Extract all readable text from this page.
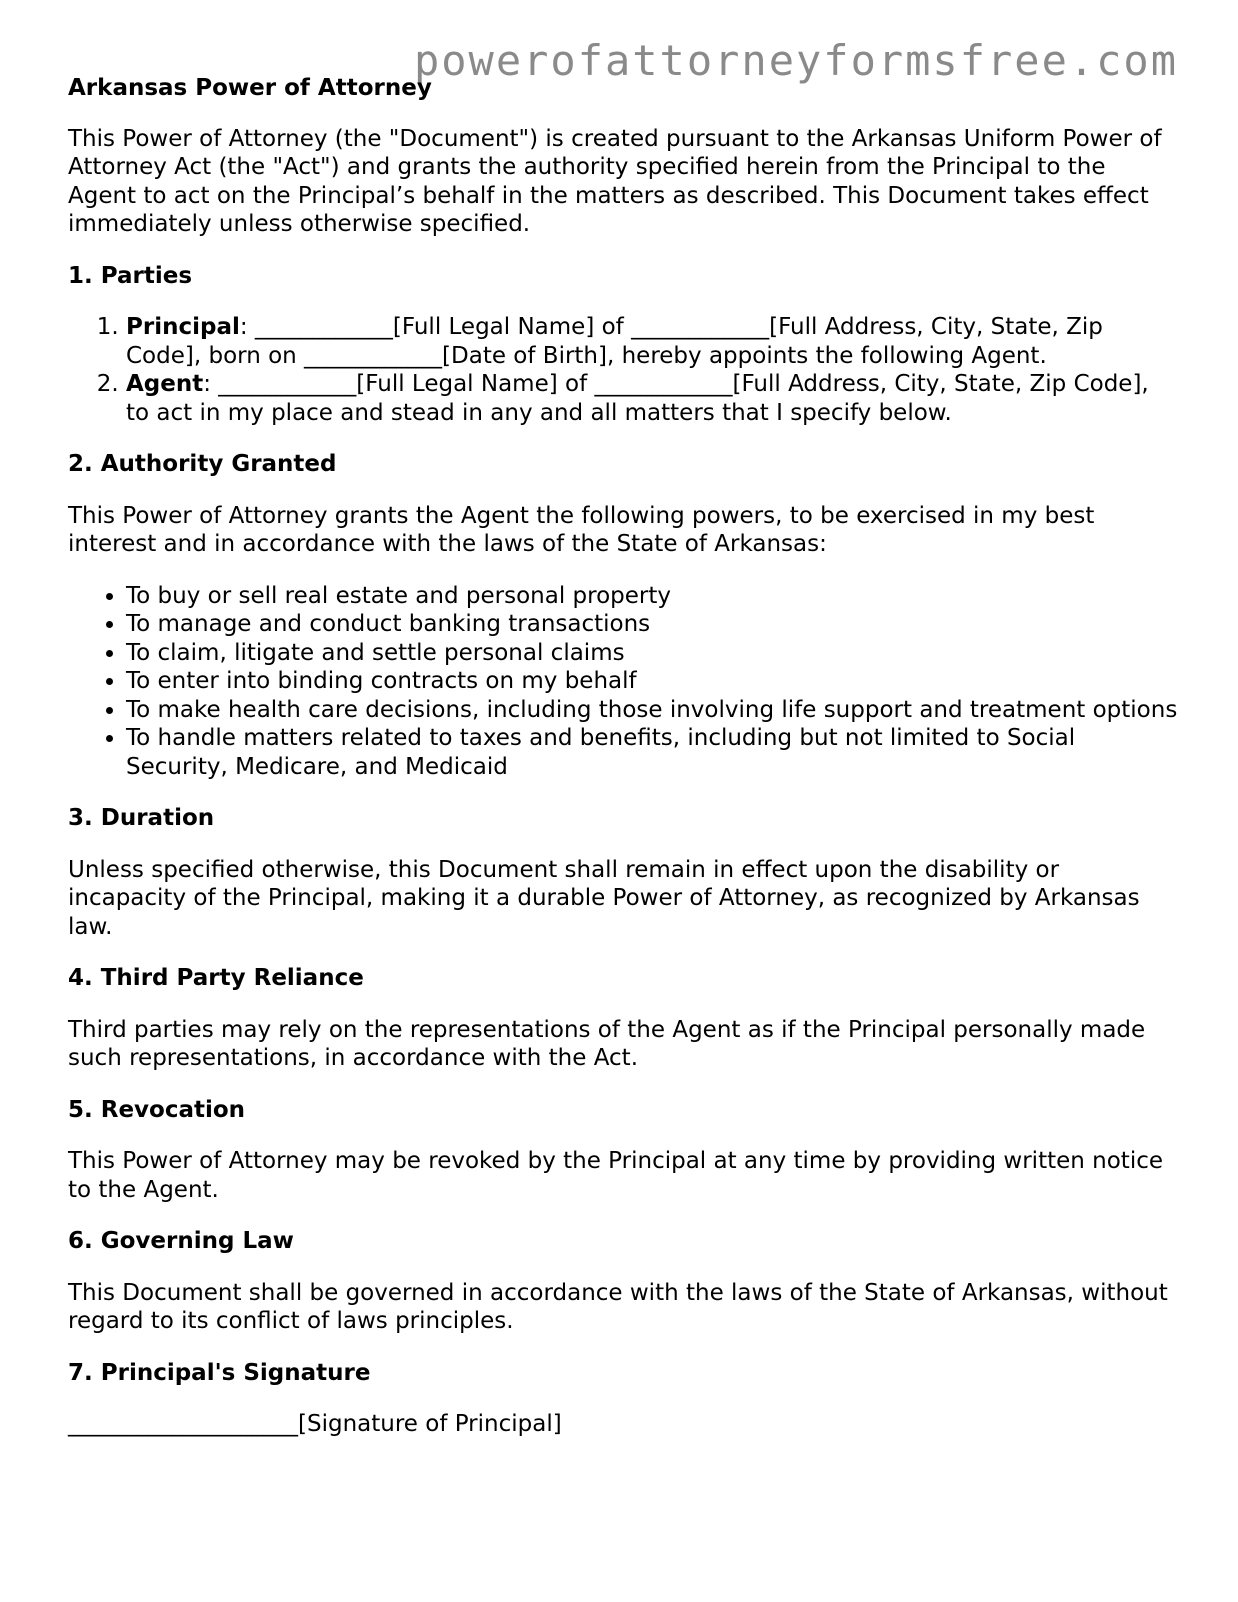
powerofattorneyformsfree.com
Arkansas Power of Attorney
This Power of Attorney (the "Document") is created pursuant to the Arkansas Uniform Power of Attorney Act (the "Act") and grants the authority specified herein from the Principal to the Agent to act on the Principal’s behalf in the matters as described. This Document takes effect immediately unless otherwise specified.
1. Parties
1. Principal: ____________[Full Legal Name] of ____________[Full Address, City, State, Zip Code], born on ____________[Date of Birth], hereby appoints the following Agent.
2. Agent: ____________[Full Legal Name] of ____________[Full Address, City, State, Zip Code], to act in my place and stead in any and all matters that I specify below.
2. Authority Granted
This Power of Attorney grants the Agent the following powers, to be exercised in my best interest and in accordance with the laws of the State of Arkansas:
• To buy or sell real estate and personal property
• To manage and conduct banking transactions
• To claim, litigate and settle personal claims
• To enter into binding contracts on my behalf
• To make health care decisions, including those involving life support and treatment options
• To handle matters related to taxes and benefits, including but not limited to Social Security, Medicare, and Medicaid
3. Duration
Unless specified otherwise, this Document shall remain in effect upon the disability or incapacity of the Principal, making it a durable Power of Attorney, as recognized by Arkansas law.
4. Third Party Reliance
Third parties may rely on the representations of the Agent as if the Principal personally made such representations, in accordance with the Act.
5. Revocation
This Power of Attorney may be revoked by the Principal at any time by providing written notice to the Agent.
6. Governing Law
This Document shall be governed in accordance with the laws of the State of Arkansas, without regard to its conflict of laws principles.
7. Principal's Signature
____________________[Signature of Principal]
